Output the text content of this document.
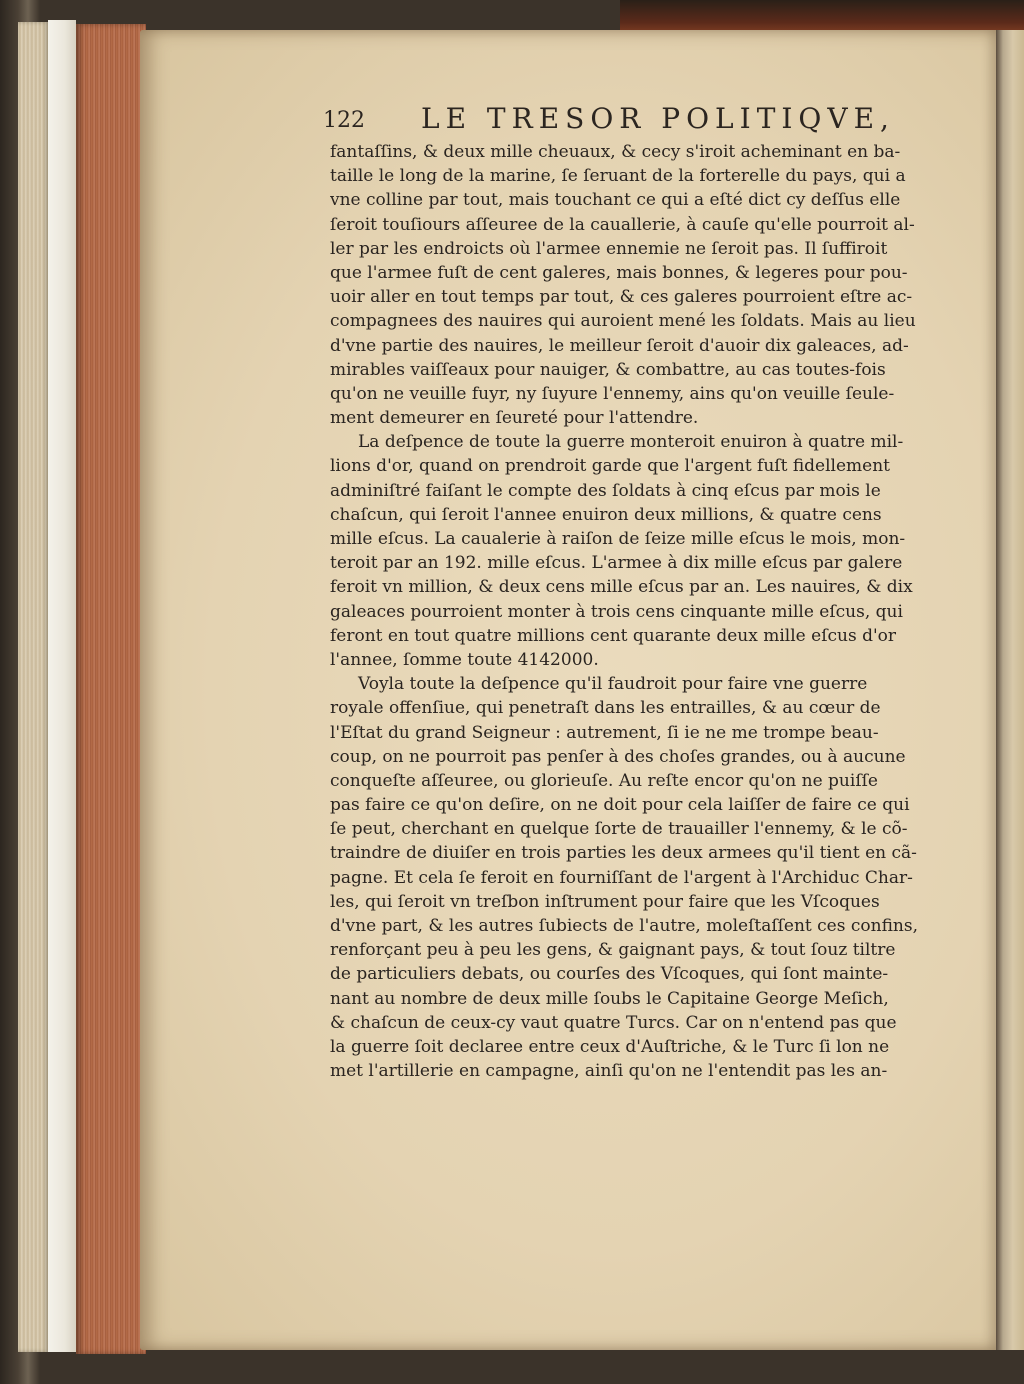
122 LE TRESOR POLITIQVE,
fantaſſins, & deux mille cheuaux, & cecy s'iroit acheminant en ba-
taille le long de la marine, ſe ſeruant de la forterelle du pays, qui a
vne colline par tout, mais touchant ce qui a eſté dict cy deſſus elle
ſeroit touſiours aſſeuree de la cauallerie, à cauſe qu'elle pourroit al-
ler par les endroicts où l'armee ennemie ne ſeroit pas. Il ſuffiroit
que l'armee fuſt de cent galeres, mais bonnes, & legeres pour pou-
uoir aller en tout temps par tout, & ces galeres pourroient eſtre ac-
compagnees des nauires qui auroient mené les ſoldats. Mais au lieu
d'vne partie des nauires, le meilleur ſeroit d'auoir dix galeaces, ad-
mirables vaiſſeaux pour nauiger, & combattre, au cas toutes-fois
qu'on ne veuille fuyr, ny ſuyure l'ennemy, ains qu'on veuille ſeule-
ment demeurer en ſeureté pour l'attendre.
La deſpence de toute la guerre monteroit enuiron à quatre mil-
lions d'or, quand on prendroit garde que l'argent fuſt fidellement
adminiſtré faiſant le compte des ſoldats à cinq eſcus par mois le
chaſcun, qui ſeroit l'annee enuiron deux millions, & quatre cens
mille eſcus. La caualerie à raiſon de ſeize mille eſcus le mois, mon-
teroit par an 192. mille eſcus. L'armee à dix mille eſcus par galere
feroit vn million, & deux cens mille eſcus par an. Les nauires, & dix
galeaces pourroient monter à trois cens cinquante mille eſcus, qui
feront en tout quatre millions cent quarante deux mille eſcus d'or
l'annee, ſomme toute 4142000.
Voyla toute la deſpence qu'il faudroit pour faire vne guerre
royale offenſiue, qui penetraſt dans les entrailles, & au cœur de
l'Eſtat du grand Seigneur : autrement, ſi ie ne me trompe beau-
coup, on ne pourroit pas penſer à des choſes grandes, ou à aucune
conqueſte aſſeuree, ou glorieuſe. Au reſte encor qu'on ne puiſſe
pas faire ce qu'on deſire, on ne doit pour cela laiſſer de faire ce qui
ſe peut, cherchant en quelque ſorte de trauailler l'ennemy, & le cõ-
traindre de diuiſer en trois parties les deux armees qu'il tient en cã-
pagne. Et cela ſe feroit en fourniſſant de l'argent à l'Archiduc Char-
les, qui ſeroit vn treſbon inſtrument pour faire que les Vſcoques
d'vne part, & les autres ſubiects de l'autre, moleſtaſſent ces confins,
renforçant peu à peu les gens, & gaignant pays, & tout ſouz tiltre
de particuliers debats, ou courſes des Vſcoques, qui ſont mainte-
nant au nombre de deux mille ſoubs le Capitaine George Meſich,
& chaſcun de ceux-cy vaut quatre Turcs. Car on n'entend pas que
la guerre ſoit declaree entre ceux d'Auſtriche, & le Turc ſi lon ne
met l'artillerie en campagne, ainſi qu'on ne l'entendit pas les an-
